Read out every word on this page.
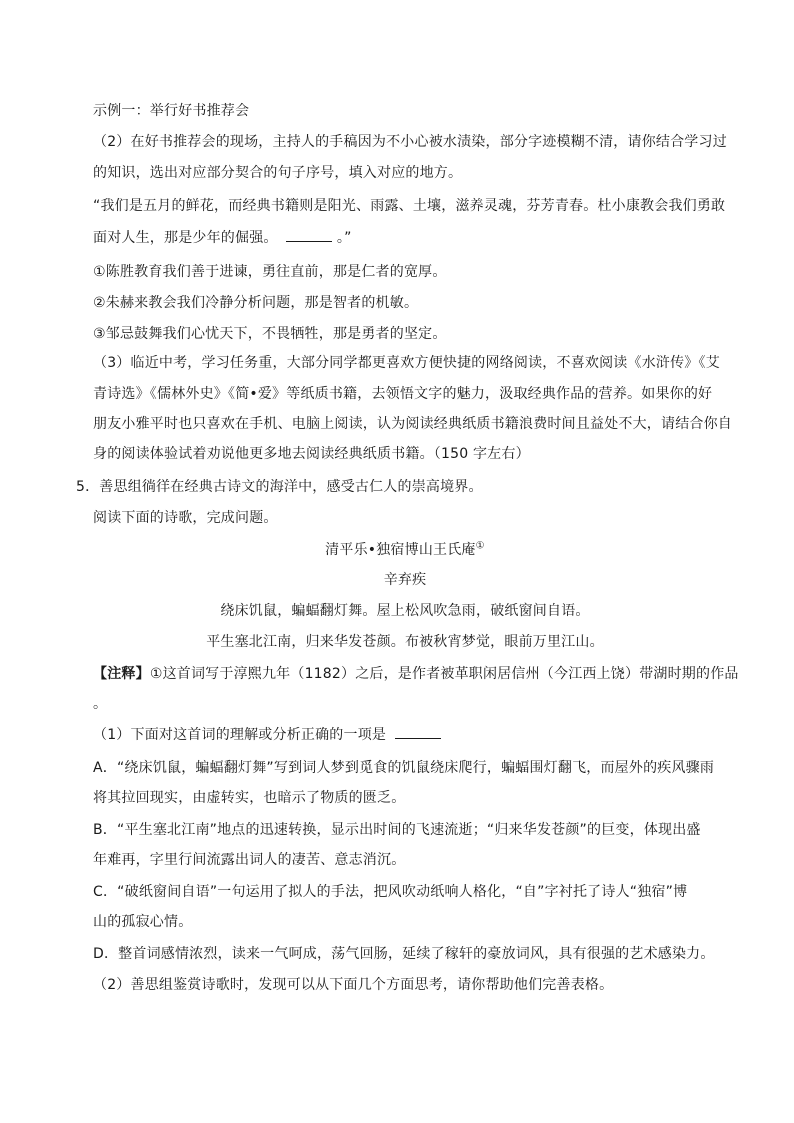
示例一：举行好书推荐会
（2）在好书推荐会的现场，主持人的手稿因为不小心被水渍染，部分字迹模糊不清，请你结合学习过
的知识，选出对应部分契合的句子序号，填入对应的地方。
“我们是五月的鲜花，而经典书籍则是阳光、雨露、土壤，滋养灵魂，芬芳青春。杜小康教会我们勇敢
面对人生，那是少年的倔强。	。”
①陈胜教育我们善于进谏，勇往直前，那是仁者的宽厚。
②朱赫来教会我们冷静分析问题，那是智者的机敏。
③邹忌鼓舞我们心忧天下，不畏牺牲，那是勇者的坚定。
（3）临近中考，学习任务重，大部分同学都更喜欢方便快捷的网络阅读，不喜欢阅读《水浒传》《艾
青诗选》《儒林外史》《简•爱》等纸质书籍，去领悟文字的魅力，汲取经典作品的营养。如果你的好
朋友小雅平时也只喜欢在手机、电脑上阅读，认为阅读经典纸质书籍浪费时间且益处不大，请结合你自
身的阅读体验试着劝说他更多地去阅读经典纸质书籍。（150 字左右）
5．善思组徜徉在经典古诗文的海洋中，感受古仁人的崇高境界。
阅读下面的诗歌，完成问题。
清平乐•独宿博山王氏庵①
辛弃疾
绕床饥鼠，蝙蝠翻灯舞。屋上松风吹急雨，破纸窗间自语。
平生塞北江南，归来华发苍颜。布被秋宵梦觉，眼前万里江山。
【注释】①这首词写于淳熙九年（1182）之后，是作者被革职闲居信州（今江西上饶）带湖时期的作品
。
（1）下面对这首词的理解或分析正确的一项是
A．“绕床饥鼠，蝙蝠翻灯舞”写到词人梦到觅食的饥鼠绕床爬行，蝙蝠围灯翻飞，而屋外的疾风骤雨
将其拉回现实，由虚转实，也暗示了物质的匮乏。
B．“平生塞北江南”地点的迅速转换，显示出时间的飞速流逝；“归来华发苍颜”的巨变，体现出盛
年难再，字里行间流露出词人的凄苦、意志消沉。
C．“破纸窗间自语”一句运用了拟人的手法，把风吹动纸响人格化，“自”字衬托了诗人“独宿”博
山的孤寂心情。
D．整首词感情浓烈，读来一气呵成，荡气回肠，延续了稼轩的豪放词风，具有很强的艺术感染力。
（2）善思组鉴赏诗歌时，发现可以从下面几个方面思考，请你帮助他们完善表格。
